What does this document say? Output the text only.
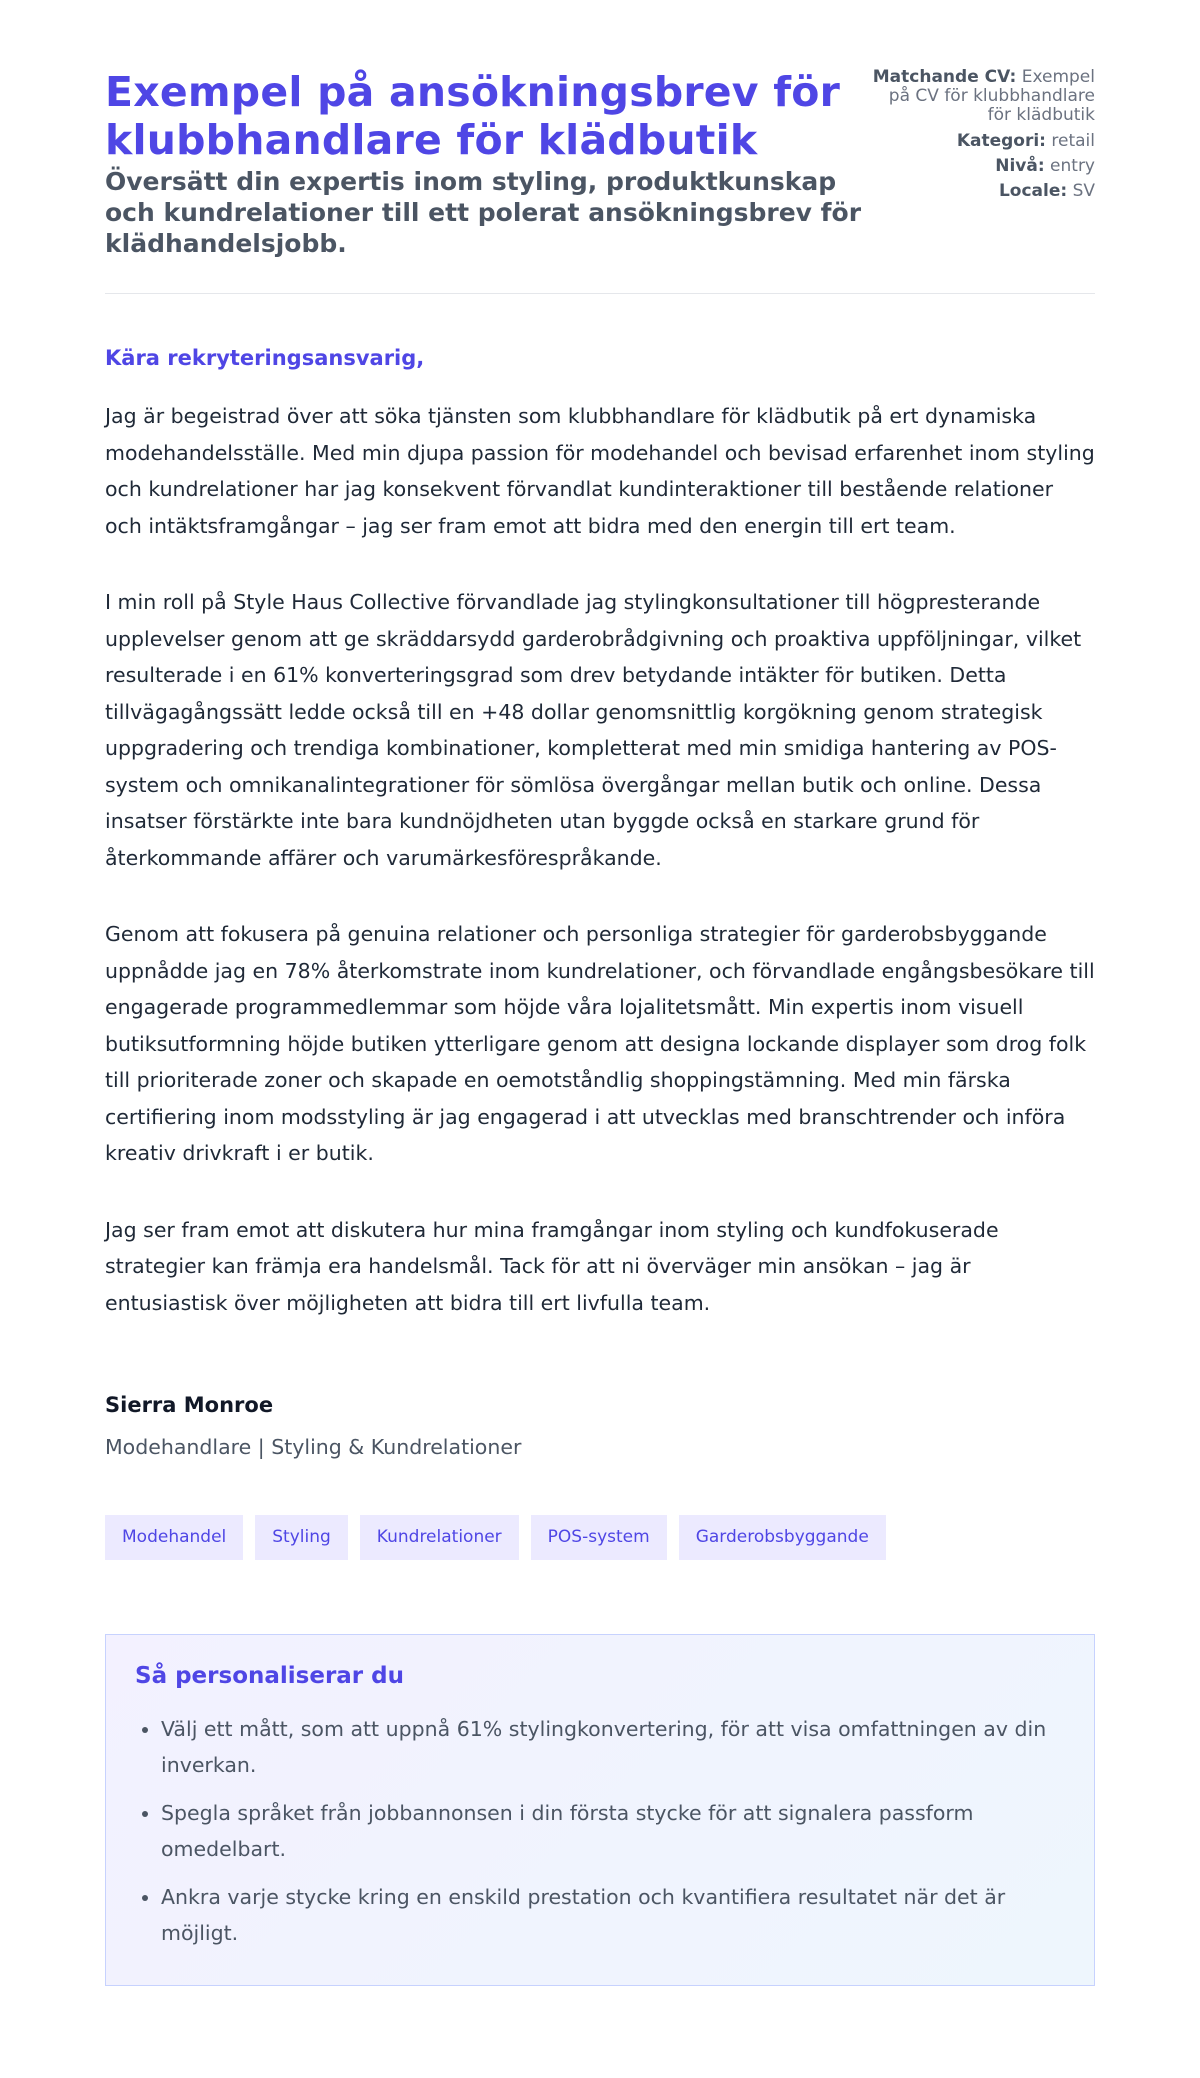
Exempel på ansökningsbrev för klubbhandlare för klädbutik
Översätt din expertis inom styling, produktkunskap och kundrelationer till ett polerat ansökningsbrev för klädhandelsjobb.
Matchande CV: Exempel på CV för klubbhandlare för klädbutik
Kategori: retail
Nivå: entry
Locale: SV

Kära rekryteringsansvarig,

Jag är begeistrad över att söka tjänsten som klubbhandlare för klädbutik på ert dynamiska modehandelsställe. Med min djupa passion för modehandel och bevisad erfarenhet inom styling och kundrelationer har jag konsekvent förvandlat kundinteraktioner till bestående relationer och intäktsframgångar – jag ser fram emot att bidra med den energin till ert team.

I min roll på Style Haus Collective förvandlade jag stylingkonsultationer till högpresterande upplevelser genom att ge skräddarsydd garderobrådgivning och proaktiva uppföljningar, vilket resulterade i en 61% konverteringsgrad som drev betydande intäkter för butiken. Detta tillvägagångssätt ledde också till en +48 dollar genomsnittlig korgökning genom strategisk uppgradering och trendiga kombinationer, kompletterat med min smidiga hantering av POS-system och omnikanalintegrationer för sömlösa övergångar mellan butik och online. Dessa insatser förstärkte inte bara kundnöjdheten utan byggde också en starkare grund för återkommande affärer och varumärkesförespråkande.

Genom att fokusera på genuina relationer och personliga strategier för garderobsbyggande uppnådde jag en 78% återkomstrate inom kundrelationer, och förvandlade engångsbesökare till engagerade programmedlemmar som höjde våra lojalitetsmått. Min expertis inom visuell butiksutformning höjde butiken ytterligare genom att designa lockande displayer som drog folk till prioriterade zoner och skapade en oemotståndlig shoppingstämning. Med min färska certifiering inom modsstyling är jag engagerad i att utvecklas med branschtrender och införa kreativ drivkraft i er butik.

Jag ser fram emot att diskutera hur mina framgångar inom styling och kundfokuserade strategier kan främja era handelsmål. Tack för att ni överväger min ansökan – jag är entusiastisk över möjligheten att bidra till ert livfulla team.

Sierra Monroe
Modehandlare | Styling & Kundrelationer
Modehandel	Styling	Kundrelationer	POS-system	Garderobsbyggande
Så personaliserar du
• Välj ett mått, som att uppnå 61% stylingkonvertering, för att visa omfattningen av din inverkan.
• Spegla språket från jobbannonsen i din första stycke för att signalera passform omedelbart.
• Ankra varje stycke kring en enskild prestation och kvantifiera resultatet när det är möjligt.
